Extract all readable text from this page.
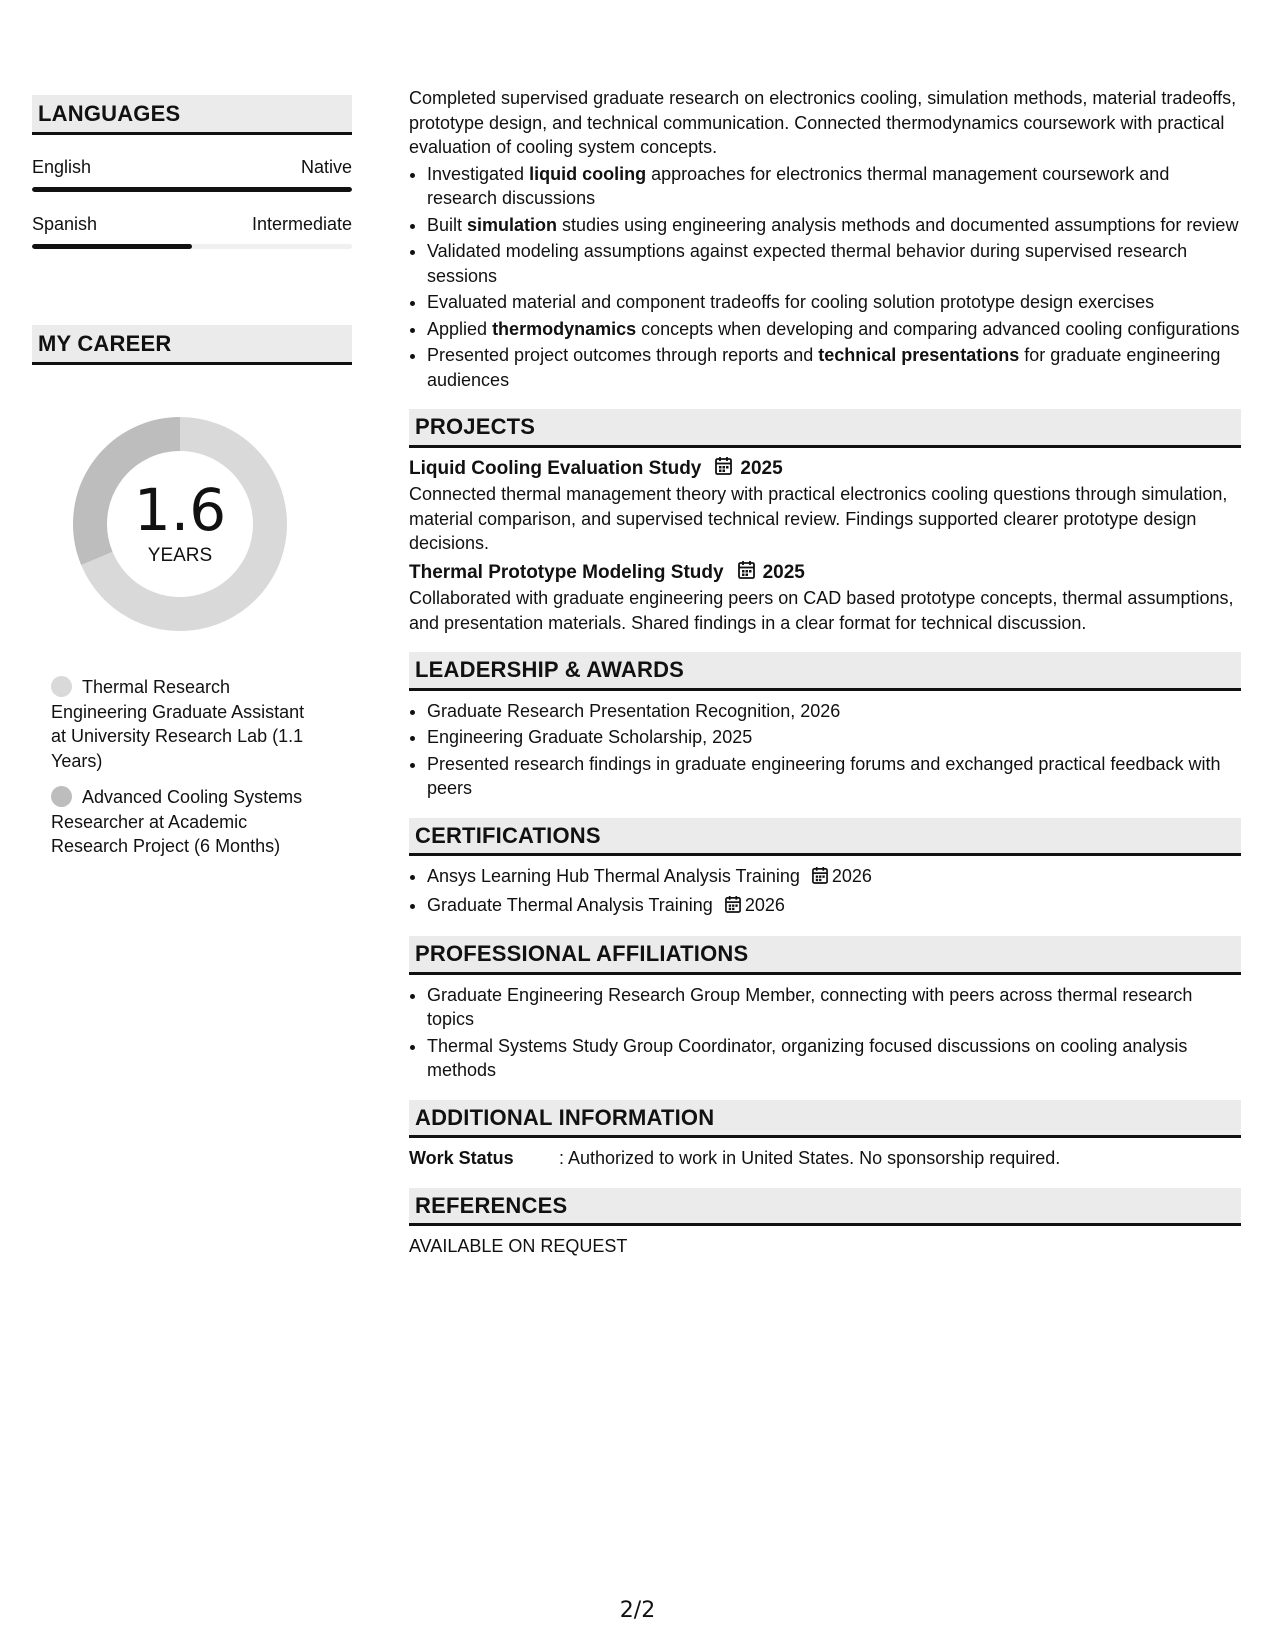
LANGUAGES
English	Native
Spanish	Intermediate
MY CAREER
1.6
YEARS
Thermal Research Engineering Graduate Assistant at University Research Lab (1.1 Years)
Advanced Cooling Systems Researcher at Academic Research Project (6 Months)

Completed supervised graduate research on electronics cooling, simulation methods, material tradeoffs, prototype design, and technical communication. Connected thermodynamics coursework with practical evaluation of cooling system concepts.

• Investigated liquid cooling approaches for electronics thermal management coursework and research discussions
• Built simulation studies using engineering analysis methods and documented assumptions for review
• Validated modeling assumptions against expected thermal behavior during supervised research sessions
• Evaluated material and component tradeoffs for cooling solution prototype design exercises
• Applied thermodynamics concepts when developing and comparing advanced cooling configurations
• Presented project outcomes through reports and technical presentations for graduate engineering audiences
PROJECTS
Liquid Cooling Evaluation Study 2025

Connected thermal management theory with practical electronics cooling questions through simulation, material comparison, and supervised technical review. Findings supported clearer prototype design decisions.

Thermal Prototype Modeling Study 2025

Collaborated with graduate engineering peers on CAD based prototype concepts, thermal assumptions, and presentation materials. Shared findings in a clear format for technical discussion.

LEADERSHIP & AWARDS
• Graduate Research Presentation Recognition, 2026
• Engineering Graduate Scholarship, 2025
• Presented research findings in graduate engineering forums and exchanged practical feedback with peers
CERTIFICATIONS
• Ansys Learning Hub Thermal Analysis Training 2026
• Graduate Thermal Analysis Training 2026
PROFESSIONAL AFFILIATIONS
• Graduate Engineering Research Group Member, connecting with peers across thermal research topics
• Thermal Systems Study Group Coordinator, organizing focused discussions on cooling analysis methods
ADDITIONAL INFORMATION
Work Status	: Authorized to work in United States. No sponsorship required.
REFERENCES

AVAILABLE ON REQUEST

2/2
